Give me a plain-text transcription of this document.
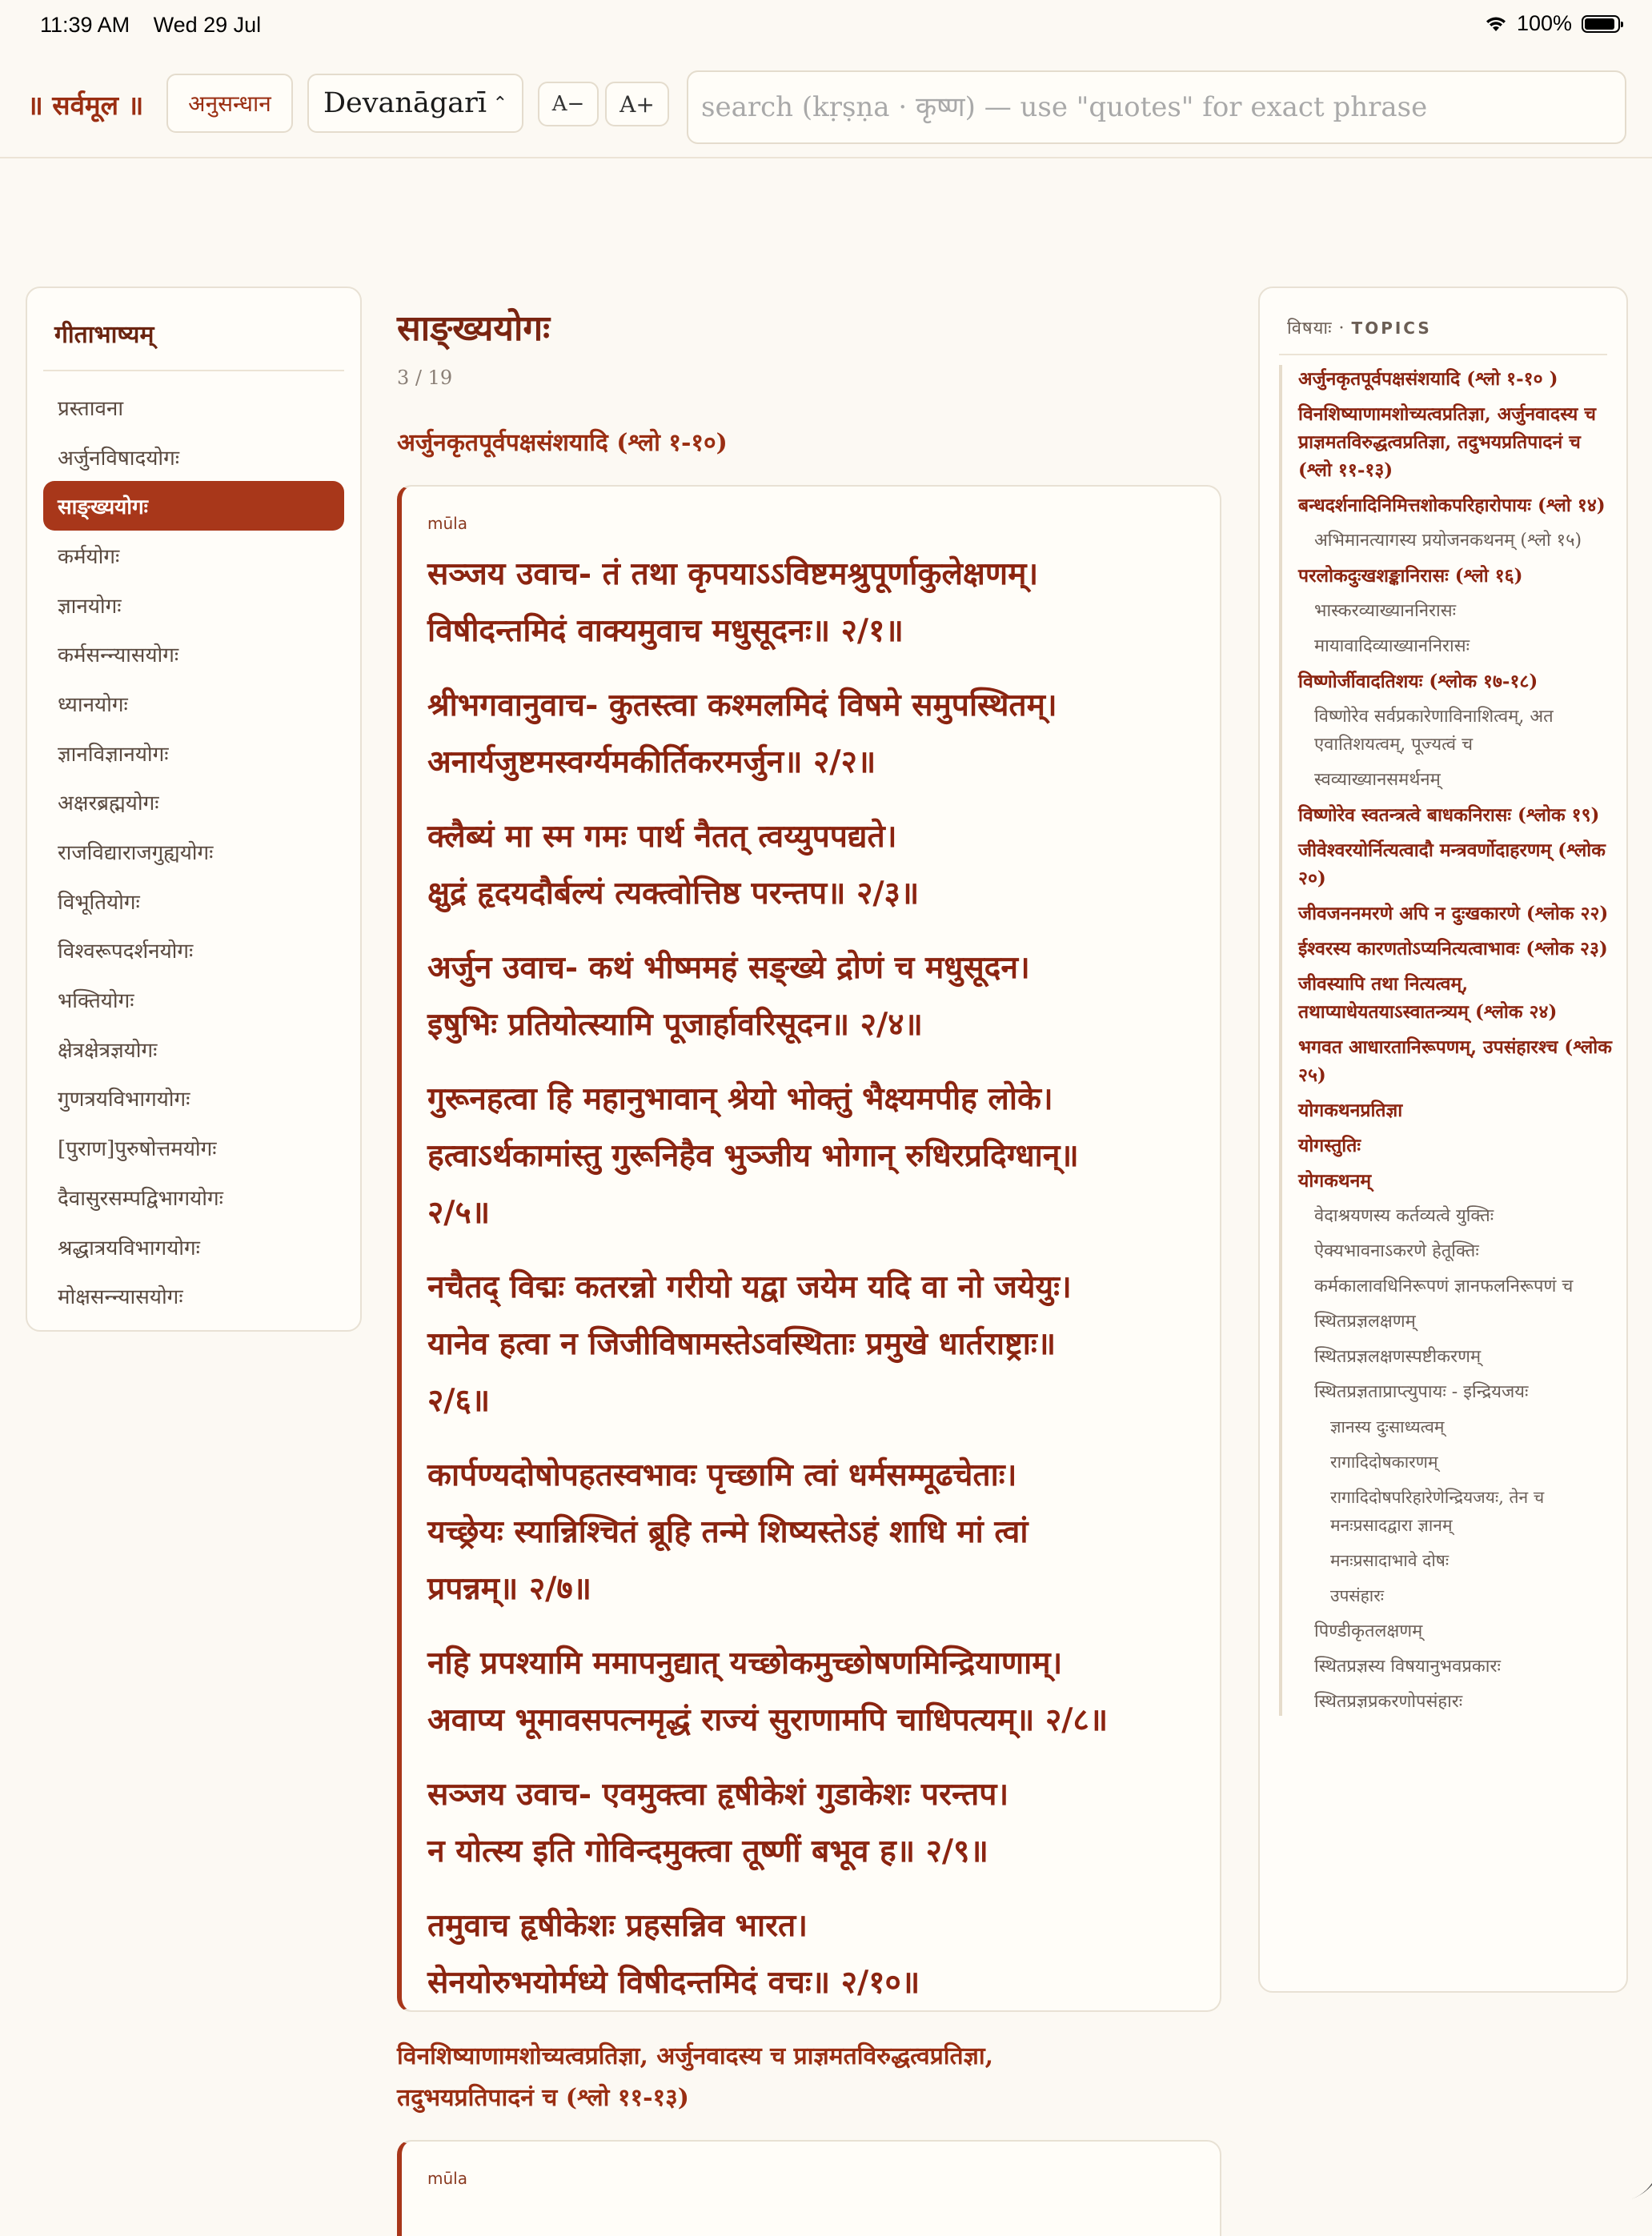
11:39 AM Wed 29 Jul	100%
॥ सर्वमूल ॥	अनुसन्धान	Devanāgarī ⌃	A−	A+
search (kṛṣṇa · कृष्ण) — use "quotes" for exact phrase
गीताभाष्यम्
प्रस्तावना
अर्जुनविषादयोगः
साङ्ख्ययोगः
कर्मयोगः
ज्ञानयोगः
कर्मसन्न्यासयोगः
ध्यानयोगः
ज्ञानविज्ञानयोगः
अक्षरब्रह्मयोगः
राजविद्याराजगुह्ययोगः
विभूतियोगः
विश्वरूपदर्शनयोगः
भक्तियोगः
क्षेत्रक्षेत्रज्ञयोगः
गुणत्रयविभागयोगः
[पुराण]पुरुषोत्तमयोगः
दैवासुरसम्पद्विभागयोगः
श्रद्धात्रयविभागयोगः
मोक्षसन्न्यासयोगः
साङ्ख्ययोगः
3 / 19
अर्जुनकृतपूर्वपक्षसंशयादि (श्लो १-१०)
mūla
सञ्जय उवाच- तं तथा कृपयाऽऽविष्टमश्रुपूर्णाकुलेक्षणम्।
विषीदन्तमिदं वाक्यमुवाच मधुसूदनः॥ २/१॥
श्रीभगवानुवाच- कुतस्त्वा कश्मलमिदं विषमे समुपस्थितम्।
अनार्यजुष्टमस्वर्ग्यमकीर्तिकरमर्जुन॥ २/२॥
क्लैब्यं मा स्म गमः पार्थ नैतत् त्वय्युपपद्यते।
क्षुद्रं हृदयदौर्बल्यं त्यक्त्वोत्तिष्ठ परन्तप॥ २/३॥
अर्जुन उवाच- कथं भीष्ममहं सङ्ख्ये द्रोणं च मधुसूदन।
इषुभिः प्रतियोत्स्यामि पूजार्हावरिसूदन॥ २/४॥
गुरूनहत्वा हि महानुभावान् श्रेयो भोक्तुं भैक्ष्यमपीह लोके।
हत्वाऽर्थकामांस्तु गुरूनिहैव भुञ्जीय भोगान् रुधिरप्रदिग्धान्॥
२/५॥
नचैतद् विद्मः कतरन्नो गरीयो यद्वा जयेम यदि वा नो जयेयुः।
यानेव हत्वा न जिजीविषामस्तेऽवस्थिताः प्रमुखे धार्तराष्ट्राः॥
२/६॥
कार्पण्यदोषोपहतस्वभावः पृच्छामि त्वां धर्मसम्मूढचेताः।
यच्छ्रेयः स्यान्निश्चितं ब्रूहि तन्मे शिष्यस्तेऽहं शाधि मां त्वां
प्रपन्नम्॥ २/७॥
नहि प्रपश्यामि ममापनुद्यात् यच्छोकमुच्छोषणमिन्द्रियाणाम्।
अवाप्य भूमावसपत्नमृद्धं राज्यं सुराणामपि चाधिपत्यम्॥ २/८॥
सञ्जय उवाच- एवमुक्त्वा हृषीकेशं गुडाकेशः परन्तप।
न योत्स्य इति गोविन्दमुक्त्वा तूष्णीं बभूव ह॥ २/९॥
तमुवाच हृषीकेशः प्रहसन्निव भारत।
सेनयोरुभयोर्मध्ये विषीदन्तमिदं वचः॥ २/१०॥
विनशिष्याणामशोच्यत्वप्रतिज्ञा, अर्जुनवादस्य च प्राज्ञमतविरुद्धत्वप्रतिज्ञा,
तदुभयप्रतिपादनं च (श्लो ११-१३)
mūla
विषयाः · TOPICS
अर्जुनकृतपूर्वपक्षसंशयादि (श्लो १-१० )
विनशिष्याणामशोच्यत्वप्रतिज्ञा, अर्जुनवादस्य च प्राज्ञमतविरुद्धत्वप्रतिज्ञा, तदुभयप्रतिपादनं च (श्लो ११-१३)
बन्धदर्शनादिनिमित्तशोकपरिहारोपायः (श्लो १४)
अभिमानत्यागस्य प्रयोजनकथनम् (श्लो १५)
परलोकदुःखशङ्कानिरासः (श्लो १६)
भास्करव्याख्याननिरासः
मायावादिव्याख्याननिरासः
विष्णोर्जीवादतिशयः (श्लोक १७-१८)
विष्णोरेव सर्वप्रकारेणाविनाशित्वम्, अत एवातिशयत्वम्, पूज्यत्वं च
स्वव्याख्यानसमर्थनम्
विष्णोरेव स्वतन्त्रत्वे बाधकनिरासः (श्लोक १९)
जीवेश्वरयोर्नित्यत्वादौ मन्त्रवर्णोदाहरणम् (श्लोक २०)
जीवजननमरणे अपि न दुःखकारणे (श्लोक २२)
ईश्वरस्य कारणतोऽप्यनित्यत्वाभावः (श्लोक २३)
जीवस्यापि तथा नित्यत्वम्, तथाप्याधेयतयाऽस्वातन्त्र्यम् (श्लोक २४)
भगवत आधारतानिरूपणम्, उपसंहारश्च (श्लोक २५)
योगकथनप्रतिज्ञा
योगस्तुतिः
योगकथनम्
वेदाश्रयणस्य कर्तव्यत्वे युक्तिः
ऐक्यभावनाऽकरणे हेतूक्तिः
कर्मकालावधिनिरूपणं ज्ञानफलनिरूपणं च
स्थितप्रज्ञलक्षणम्
स्थितप्रज्ञलक्षणस्पष्टीकरणम्
स्थितप्रज्ञताप्राप्त्युपायः - इन्द्रियजयः
ज्ञानस्य दुःसाध्यत्वम्
रागादिदोषकारणम्
रागादिदोषपरिहारेणेन्द्रियजयः, तेन च मनःप्रसादद्वारा ज्ञानम्
मनःप्रसादाभावे दोषः
उपसंहारः
पिण्डीकृतलक्षणम्
स्थितप्रज्ञस्य विषयानुभवप्रकारः
स्थितप्रज्ञप्रकरणोपसंहारः
